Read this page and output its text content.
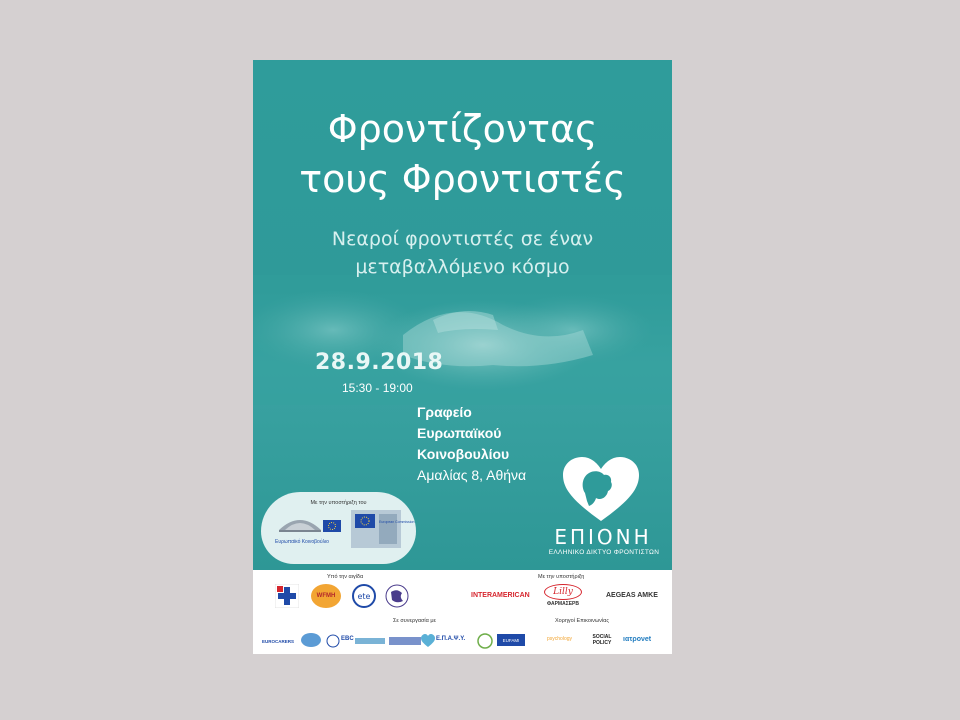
Φροντίζοντας
τους Φροντιστές
Νεαροί φροντιστές σε έναν
μεταβαλλόμενο κόσμο
28.9.2018
15:30 - 19:00
Γραφείο
Ευρωπαϊκού
Κοινοβουλίου
Αμαλίας 8, Αθήνα
ΕΠΙΟΝΗ
ΕΛΛΗΝΙΚΟ ΔΙΚΤΥΟ ΦΡΟΝΤΙΣΤΩΝ
Με την υποστήριξη του
Ευρωπαϊκό Κοινοβούλιο
European Commission
Υπό την αιγίδα	Με την υποστήριξη
WFMH	ete	INTERAMERICAN	Lilly
ΦΑΡΜΑΣΕΡΒ
AEGEAS AMKE
Σε συνεργασία με	Χορηγοί Επικοινωνίας
EUROCARERS	EBC	Ε.Π.Α.Ψ.Υ.	EUFAMI	psychology	SOCIAL POLICY	ιατρονet
